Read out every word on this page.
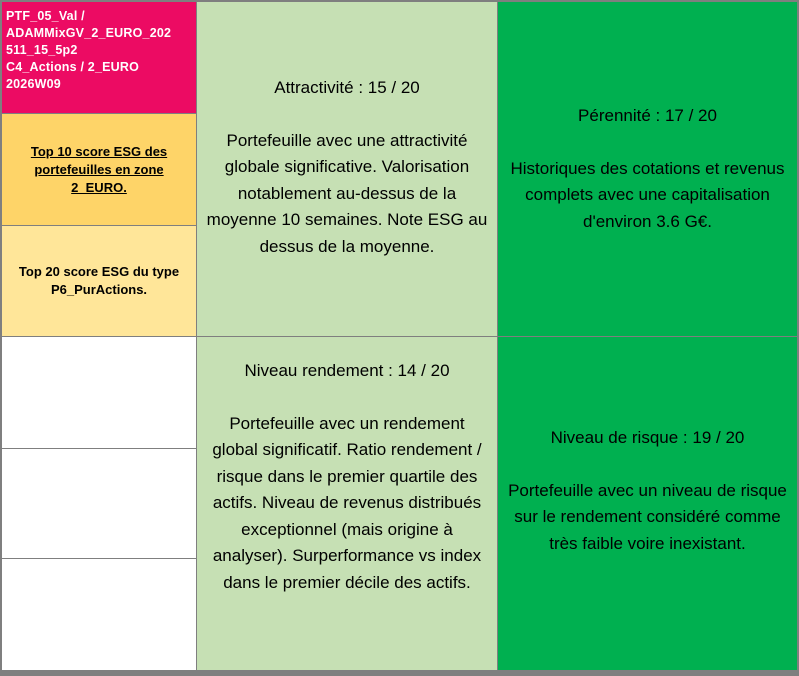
PTF_05_Val /
ADAMMixGV_2_EURO_202
511_15_5p2
C4_Actions / 2_EURO
2026W09
Top 10 score ESG des portefeuilles en zone 2_EURO.
Top 20 score ESG du type P6_PurActions.
Attractivité : 15 / 20
Portefeuille avec une attractivité globale significative. Valorisation notablement au-dessus de la moyenne 10 semaines. Note ESG au dessus de la moyenne.
Pérennité : 17 / 20
Historiques des cotations et revenus complets avec une capitalisation d'environ 3.6 G€.
Niveau rendement : 14 / 20
Portefeuille avec un rendement global significatif. Ratio rendement / risque dans le premier quartile des actifs. Niveau de revenus distribués exceptionnel (mais origine à analyser). Surperformance vs index dans le premier décile des actifs.
Niveau de risque : 19 / 20
Portefeuille avec un niveau de risque sur le rendement considéré comme très faible voire inexistant.
